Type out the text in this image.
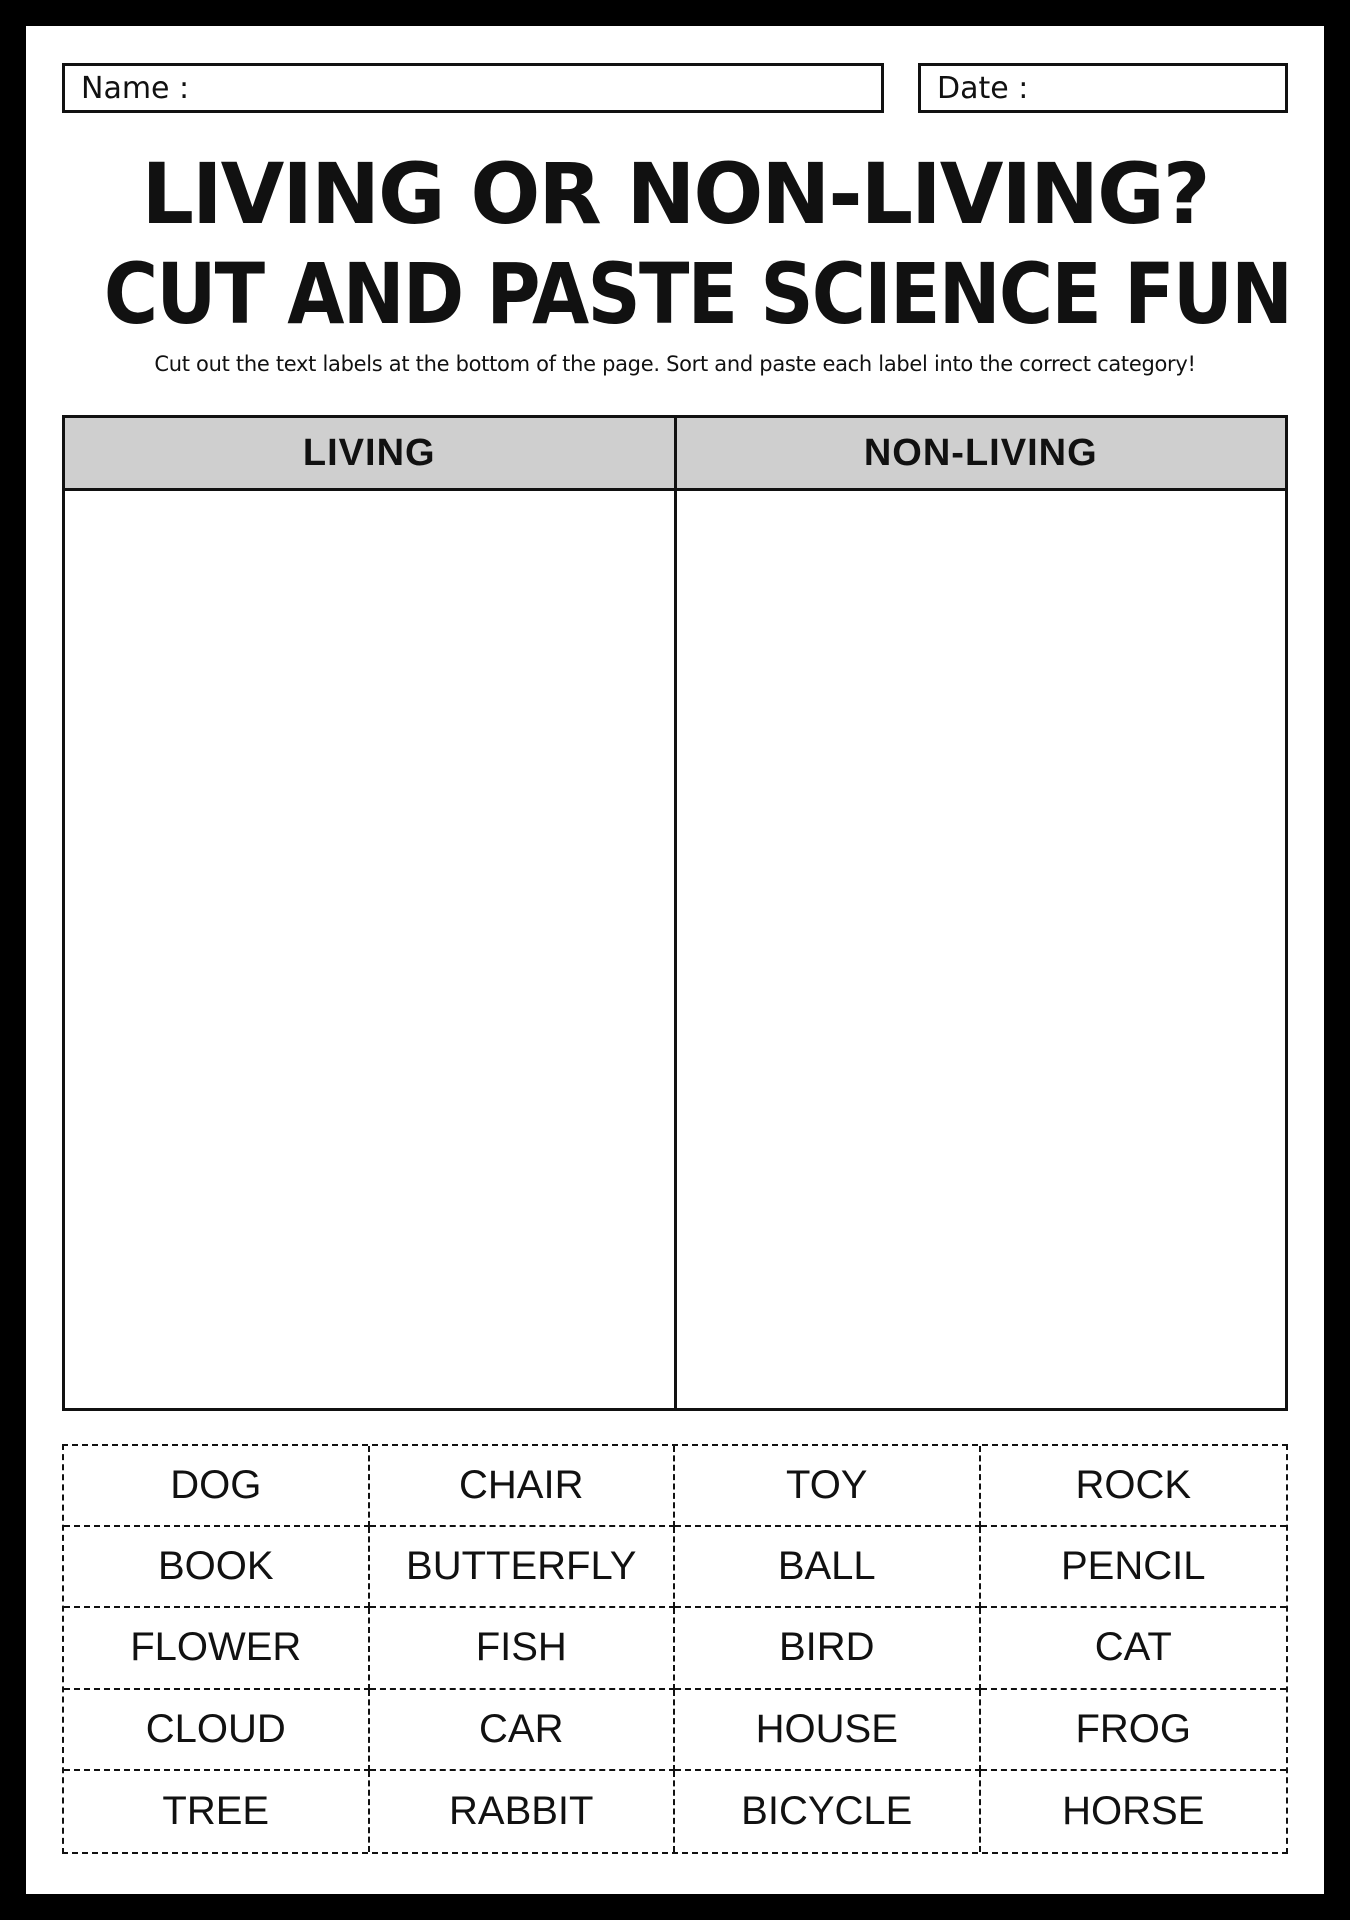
Name :	Date :
LIVING OR NON-LIVING?
CUT AND PASTE SCIENCE FUN
Cut out the text labels at the bottom of the page. Sort and paste each label into the correct category!
LIVING	NON-LIVING
DOG	CHAIR	TOY	ROCK
BOOK	BUTTERFLY	BALL	PENCIL
FLOWER	FISH	BIRD	CAT
CLOUD	CAR	HOUSE	FROG
TREE	RABBIT	BICYCLE	HORSE
